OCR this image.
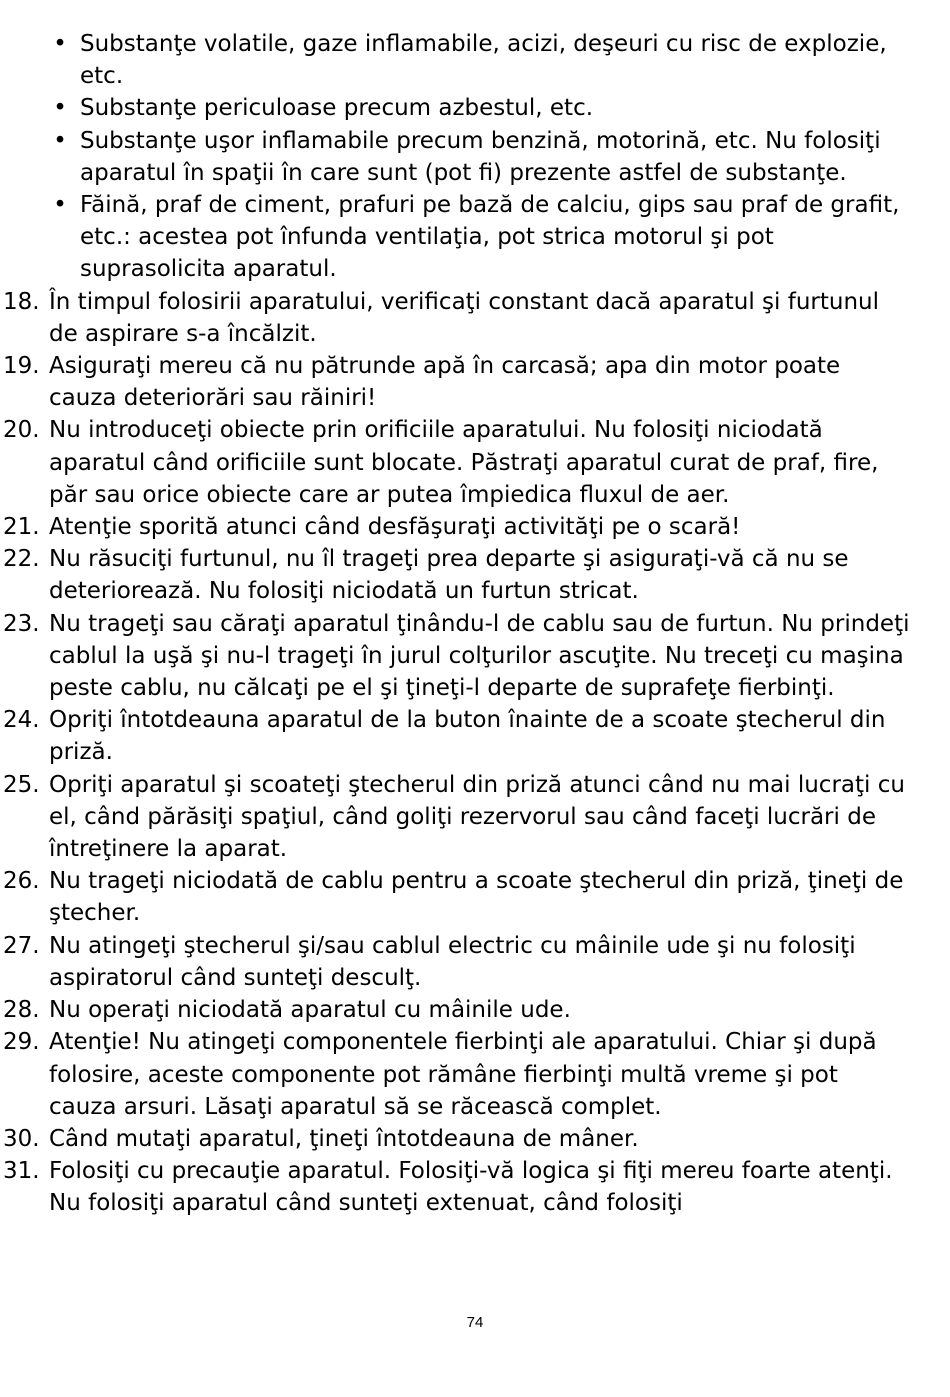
• Substanţe volatile, gaze inflamabile, acizi, deşeuri cu risc de explozie, etc.
• Substanţe periculoase precum azbestul, etc.
• Substanţe uşor inflamabile precum benzină, motorină, etc. Nu folosiţi aparatul în spaţii în care sunt (pot fi) prezente astfel de substanţe.
• Făină, praf de ciment, prafuri pe bază de calciu, gips sau praf de grafit, etc.: acestea pot înfunda ventilaţia, pot strica motorul şi pot suprasolicita aparatul.
18. În timpul folosirii aparatului, verificaţi constant dacă aparatul şi furtunul de aspirare s-a încălzit.
19. Asiguraţi mereu că nu pătrunde apă în carcasă; apa din motor poate cauza deteriorări sau răiniri!
20. Nu introduceţi obiecte prin orificiile aparatului. Nu folosiţi niciodată aparatul când orificiile sunt blocate. Păstraţi aparatul curat de praf, fire, păr sau orice obiecte care ar putea împiedica fluxul de aer.
21. Atenţie sporită atunci când desfăşuraţi activităţi pe o scară!
22. Nu răsuciţi furtunul, nu îl trageţi prea departe şi asiguraţi-vă că nu se deteriorează. Nu folosiţi niciodată un furtun stricat.
23. Nu trageţi sau căraţi aparatul ţinându-l de cablu sau de furtun. Nu prindeţi cablul la uşă şi nu-l trageţi în jurul colţurilor ascuţite. Nu treceţi cu maşina peste cablu, nu călcaţi pe el şi ţineţi-l departe de suprafeţe fierbinţi.
24. Opriţi întotdeauna aparatul de la buton înainte de a scoate ştecherul din priză.
25. Opriţi aparatul şi scoateţi ştecherul din priză atunci când nu mai lucraţi cu el, când părăsiţi spaţiul, când goliţi rezervorul sau când faceţi lucrări de întreţinere la aparat.
26. Nu trageţi niciodată de cablu pentru a scoate ştecherul din priză, ţineţi de ştecher.
27. Nu atingeţi ştecherul şi/sau cablul electric cu mâinile ude şi nu folosiţi aspiratorul când sunteţi desculţ.
28. Nu operaţi niciodată aparatul cu mâinile ude.
29. Atenţie! Nu atingeţi componentele fierbinţi ale aparatului. Chiar şi după folosire, aceste componente pot rămâne fierbinţi multă vreme şi pot cauza arsuri. Lăsaţi aparatul să se răcească complet.
30. Când mutaţi aparatul, ţineţi întotdeauna de mâner.
31. Folosiţi cu precauţie aparatul. Folosiţi-vă logica şi fiţi mereu foarte atenţi. Nu folosiţi aparatul când sunteţi extenuat, când folosiţi
74
